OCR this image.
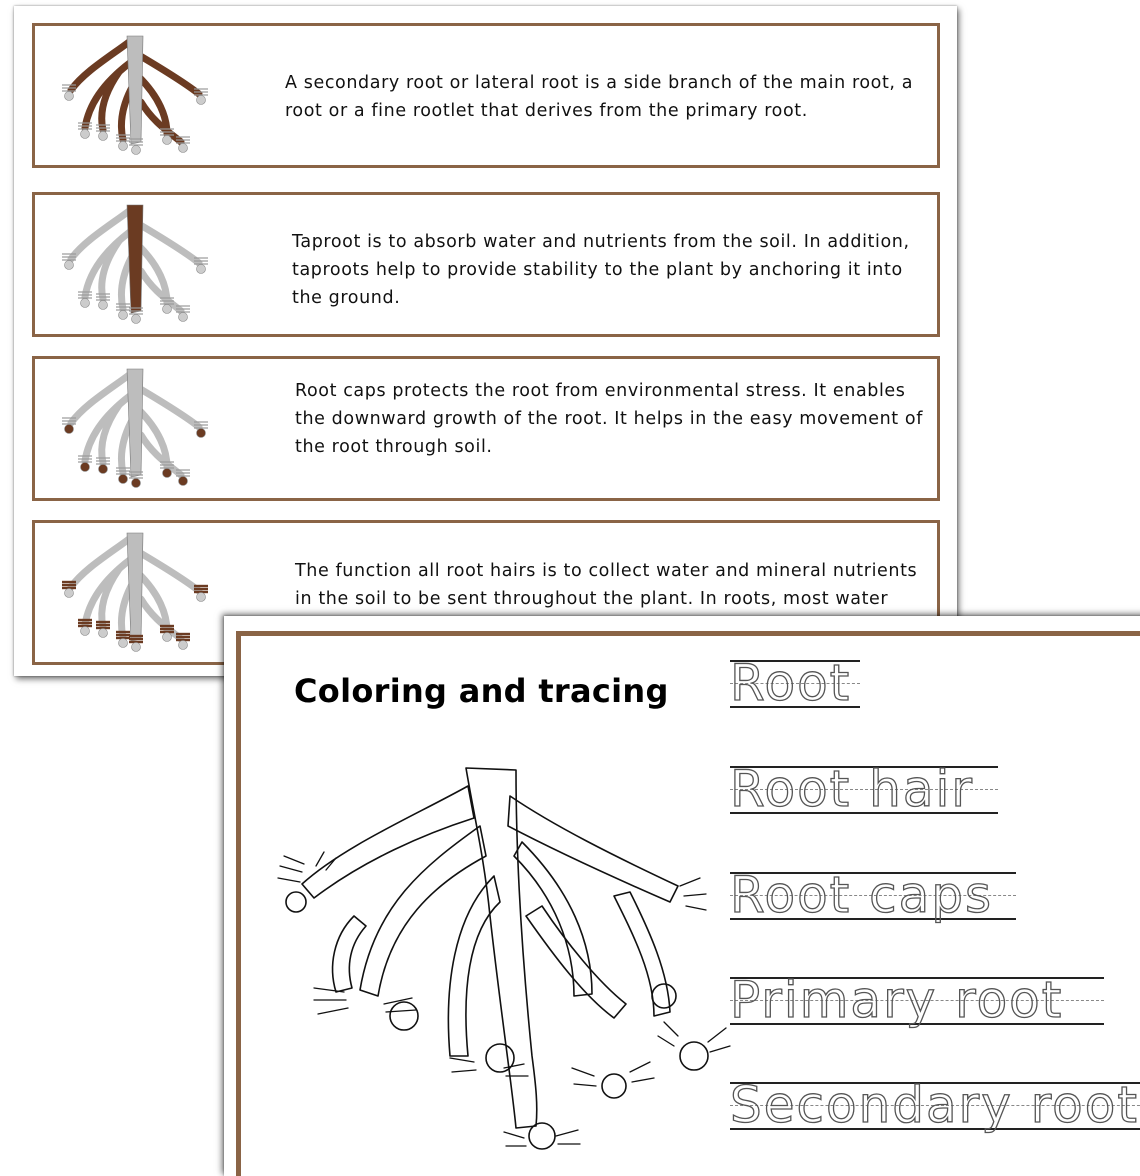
A secondary root or lateral root is a side branch of the main root, a root or a fine rootlet that derives from the primary root.
Taproot is to absorb water and nutrients from the soil. In addition, taproots help to provide stability to the plant by anchoring it into the ground.
Root caps protects the root from environmental stress. It enables the downward growth of the root. It helps in the easy movement of the root through soil.
The function all root hairs is to collect water and mineral nutrients in the soil to be sent throughout the plant. In roots, most water
Coloring and tracing Root
Root hair
Root caps
Primary root
Secondary root
